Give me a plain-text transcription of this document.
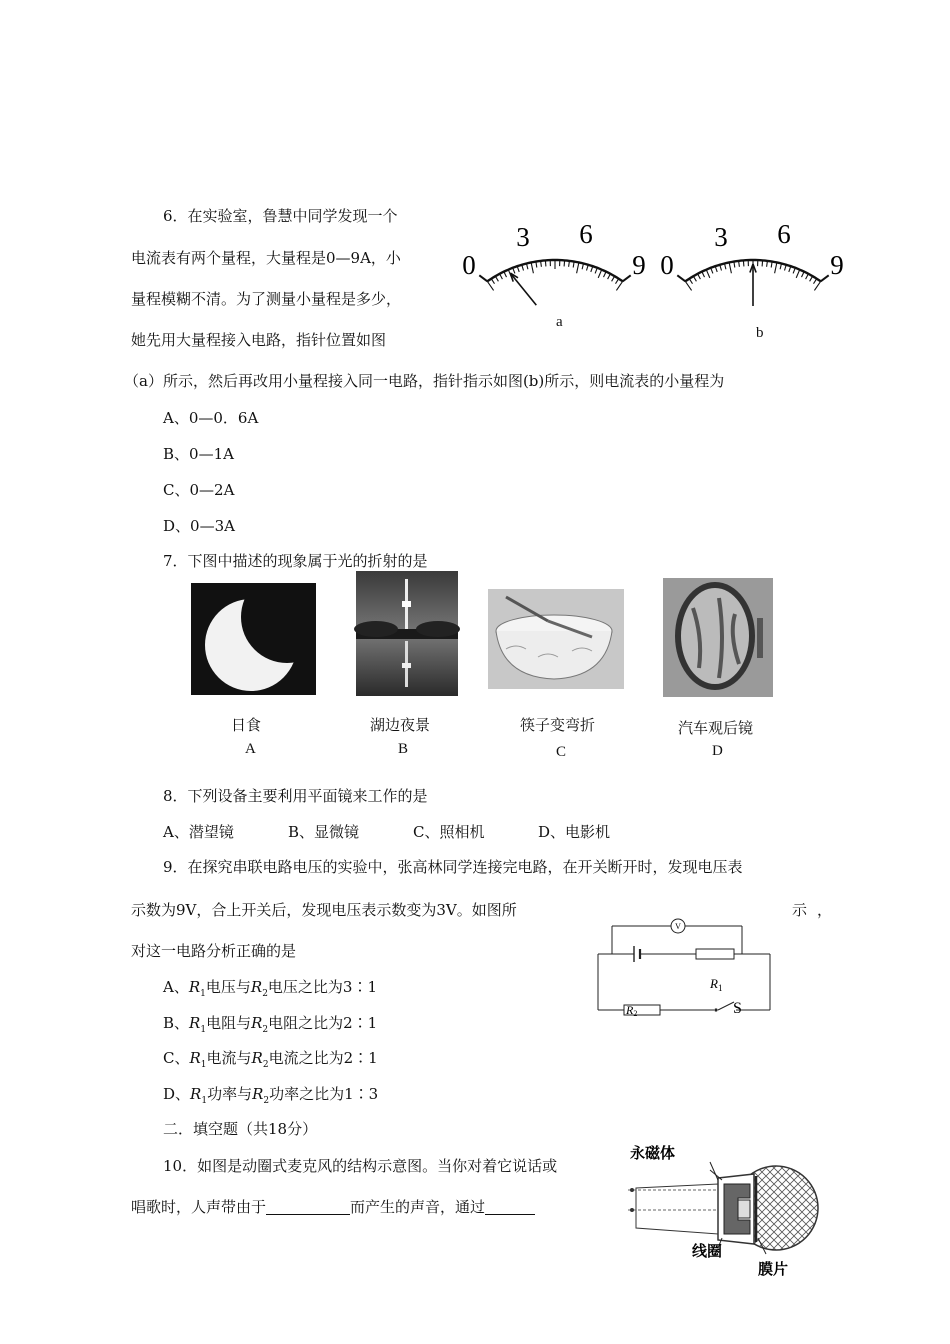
6．在实验室，鲁慧中同学发现一个
电流表有两个量程，大量程是0—9A，小
量程模糊不清。为了测量小量程是多少，
她先用大量程接入电路，指针位置如图
（a）所示，然后再改用小量程接入同一电路，指针指示如图(b)所示，则电流表的小量程为
A、0—0．6A
B、0—1A
C、0—2A
D、0—3A
0
3 6
9
a
0
3 6
9
b
7．下图中描述的现象属于光的折射的是
日食
A
湖边夜景
B
筷子变弯折
C
汽车观后镜
D
8．下列设备主要利用平面镜来工作的是
A、潜望镜	B、显微镜	C、照相机	D、电影机
9．在探究串联电路电压的实验中，张高林同学连接完电路，在开关断开时，发现电压表
示数为9V，合上开关后，发现电压表示数变为3V。如图所	示 ，
对这一电路分析正确的是
A、$R_1$电压与$R_2$电压之比为3∶1
B、$R_1$电阻与$R_2$电阻之比为2∶1
C、$R_1$电流与$R_2$电流之比为2∶1
D、$R_1$功率与$R_2$功率之比为1∶3
V
$R_1$
R2	S
二．填空题（共18分）
10．如图是动圈式麦克风的结构示意图。当你对着它说话或
唱歌时，人声带由于	而产生的声音，通过
永磁体
线圈
膜片
